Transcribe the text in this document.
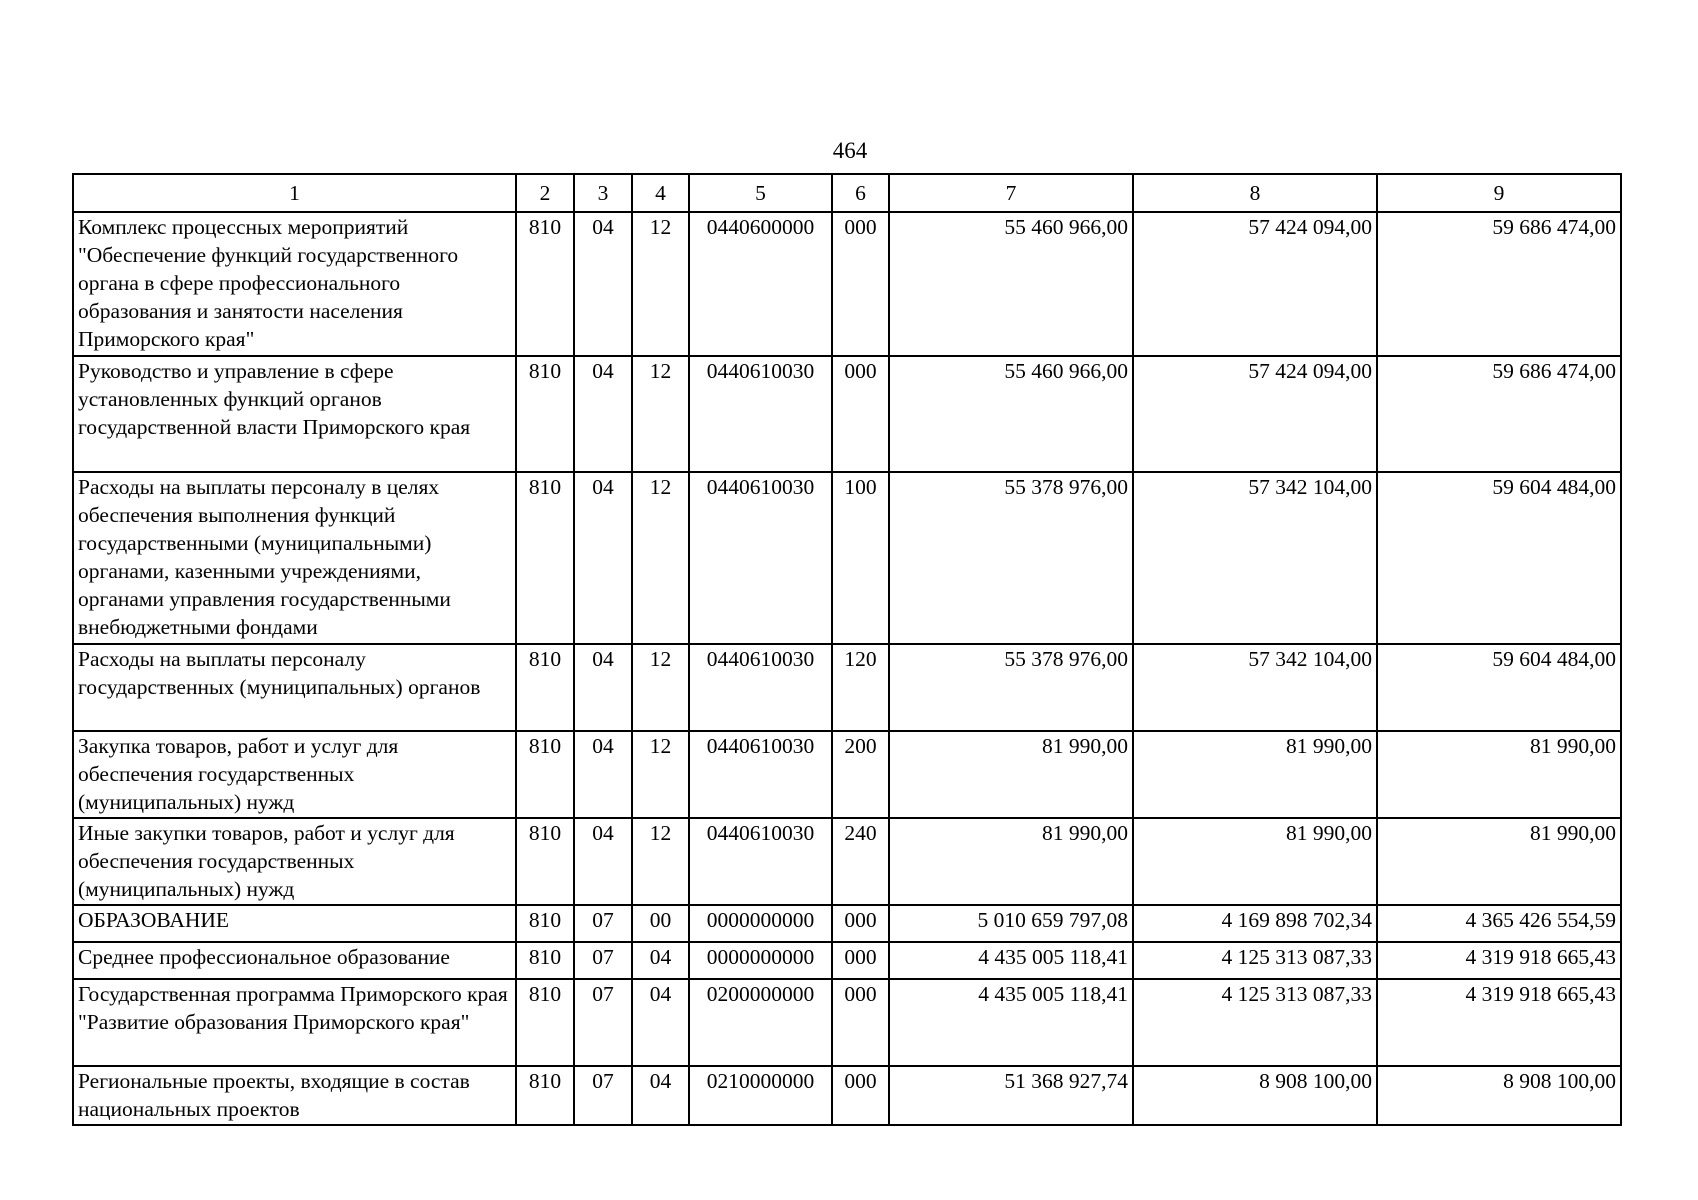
464
1	2	3	4	5	6	7	8	9
Комплекс процессных мероприятий "Обеспечение функций государственного органа в сфере профессионального образования и занятости населения Приморского края"	810	04	12	0440600000	000	55 460 966,00	57 424 094,00	59 686 474,00
Руководство и управление в сфере установленных функций органов государственной власти Приморского края	810	04	12	0440610030	000	55 460 966,00	57 424 094,00	59 686 474,00
Расходы на выплаты персоналу в целях обеспечения выполнения функций государственными (муниципальными) органами, казенными учреждениями, органами управления государственными внебюджетными фондами	810	04	12	0440610030	100	55 378 976,00	57 342 104,00	59 604 484,00
Расходы на выплаты персоналу государственных (муниципальных) органов	810	04	12	0440610030	120	55 378 976,00	57 342 104,00	59 604 484,00
Закупка товаров, работ и услуг для обеспечения государственных (муниципальных) нужд	810	04	12	0440610030	200	81 990,00	81 990,00	81 990,00
Иные закупки товаров, работ и услуг для обеспечения государственных (муниципальных) нужд	810	04	12	0440610030	240	81 990,00	81 990,00	81 990,00
ОБРАЗОВАНИЕ	810	07	00	0000000000	000	5 010 659 797,08	4 169 898 702,34	4 365 426 554,59
Среднее профессиональное образование	810	07	04	0000000000	000	4 435 005 118,41	4 125 313 087,33	4 319 918 665,43
Государственная программа Приморского края "Развитие образования Приморского края"	810	07	04	0200000000	000	4 435 005 118,41	4 125 313 087,33	4 319 918 665,43
Региональные проекты, входящие в состав национальных проектов	810	07	04	0210000000	000	51 368 927,74	8 908 100,00	8 908 100,00
